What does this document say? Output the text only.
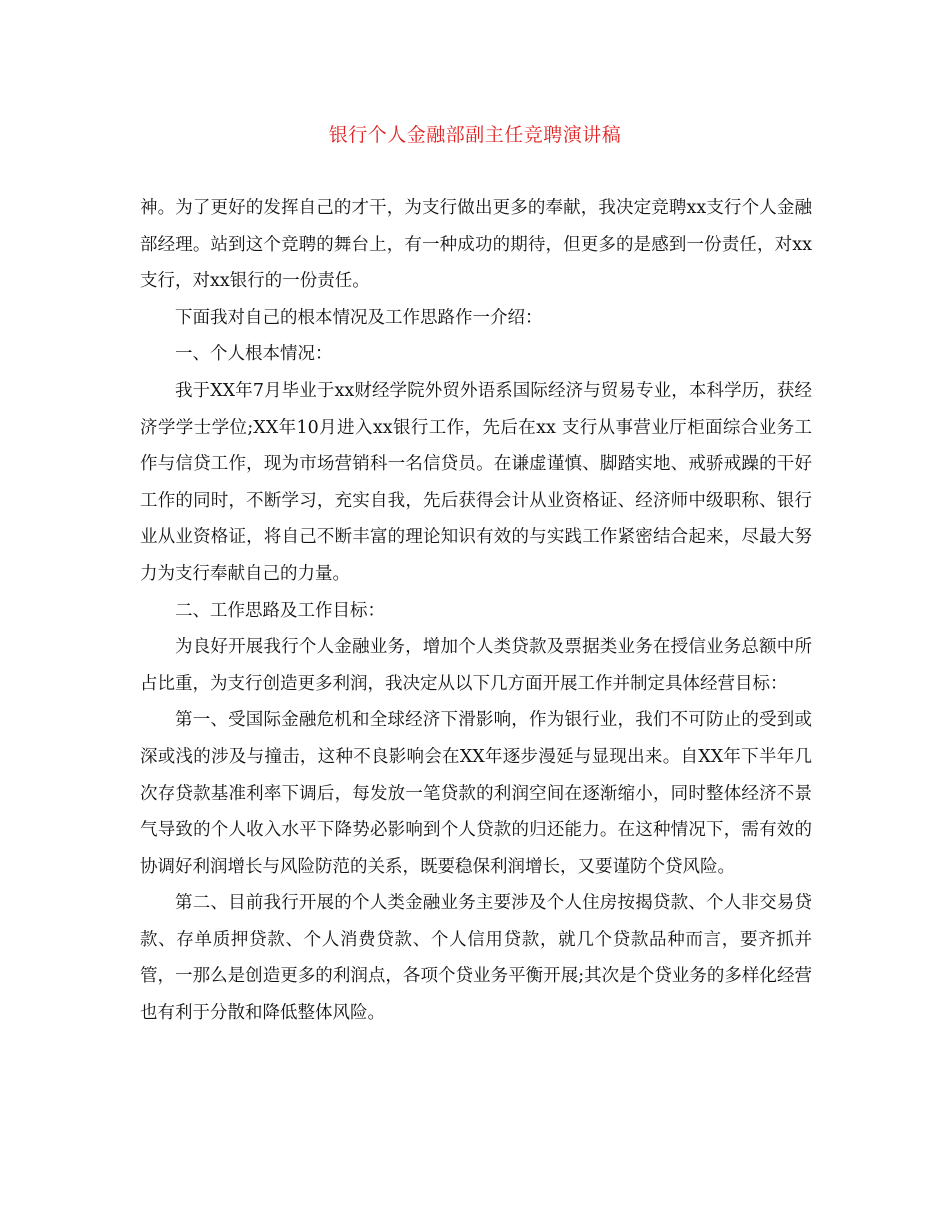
银行个人金融部副主任竞聘演讲稿

神。为了更好的发挥自己的才干，为支行做出更多的奉献，我决定竞聘xx支行个人金融部经理。站到这个竞聘的舞台上，有一种成功的期待，但更多的是感到一份责任，对xx支行，对xx银行的一份责任。

下面我对自己的根本情况及工作思路作一介绍：

一、个人根本情况：

我于XX年7月毕业于xx财经学院外贸外语系国际经济与贸易专业，本科学历，获经济学学士学位;XX年10月进入xx银行工作，先后在xx 支行从事营业厅柜面综合业务工作与信贷工作，现为市场营销科一名信贷员。在谦虚谨慎、脚踏实地、戒骄戒躁的干好工作的同时，不断学习，充实自我，先后获得会计从业资格证、经济师中级职称、银行业从业资格证，将自己不断丰富的理论知识有效的与实践工作紧密结合起来，尽最大努力为支行奉献自己的力量。

二、工作思路及工作目标：

为良好开展我行个人金融业务，增加个人类贷款及票据类业务在授信业务总额中所占比重，为支行创造更多利润，我决定从以下几方面开展工作并制定具体经营目标：

第一、受国际金融危机和全球经济下滑影响，作为银行业，我们不可防止的受到或深或浅的涉及与撞击，这种不良影响会在XX年逐步漫延与显现出来。自XX年下半年几次存贷款基准利率下调后，每发放一笔贷款的利润空间在逐渐缩小，同时整体经济不景气导致的个人收入水平下降势必影响到个人贷款的归还能力。在这种情况下，需有效的协调好利润增长与风险防范的关系，既要稳保利润增长，又要谨防个贷风险。

第二、目前我行开展的个人类金融业务主要涉及个人住房按揭贷款、个人非交易贷款、存单质押贷款、个人消费贷款、个人信用贷款，就几个贷款品种而言，要齐抓并管，一那么是创造更多的利润点，各项个贷业务平衡开展;其次是个贷业务的多样化经营也有利于分散和降低整体风险。
